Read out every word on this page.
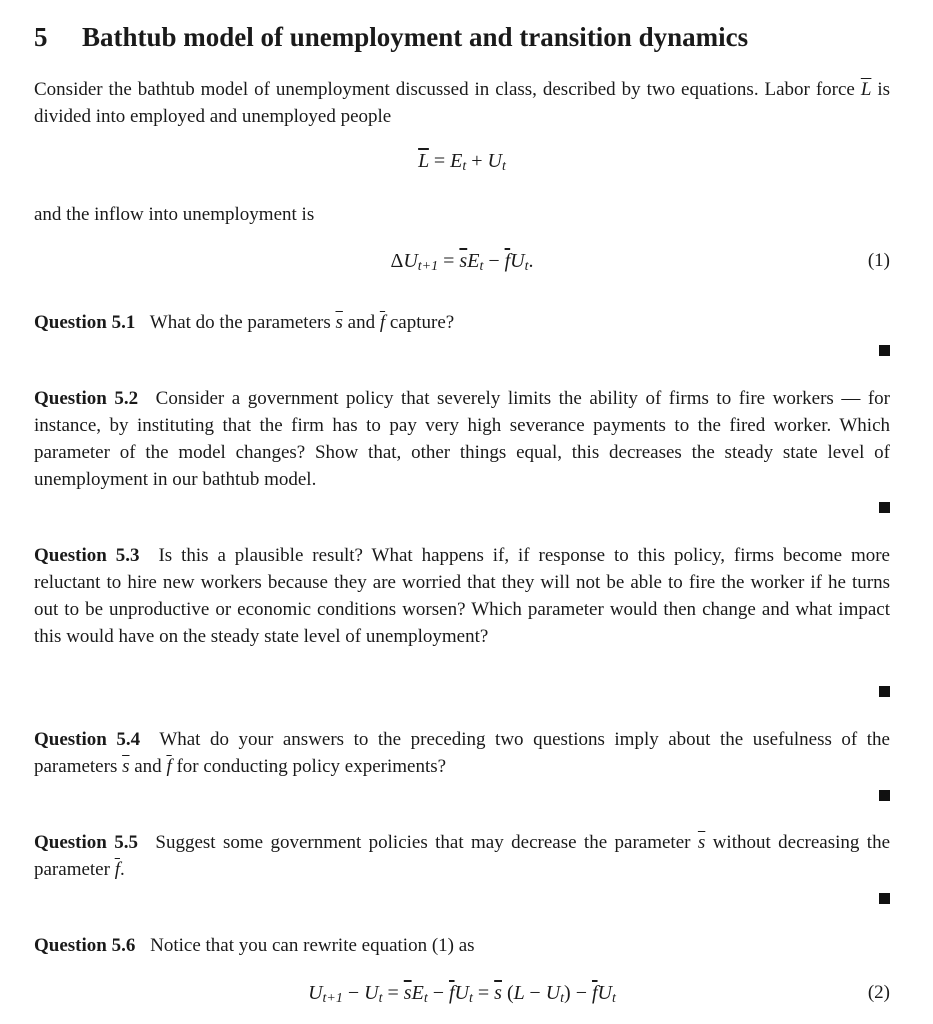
5 Bathtub model of unemployment and transition dynamics
Consider the bathtub model of unemployment discussed in class, described by two equations. Labor force $\overline{L}$ is divided into employed and unemployed people
$\overline{L} = E_t + U_t$
and the inflow into unemployment is
$\Delta U_{t+1} = \overline{s}E_t - \overline{f}U_t$.	(1)
Question 5.1 What do the parameters $\overline{s}$ and $\overline{f}$ capture?
Question 5.2 Consider a government policy that severely limits the ability of firms to fire workers — for instance, by instituting that the firm has to pay very high severance payments to the fired worker. Which parameter of the model changes? Show that, other things equal, this decreases the steady state level of unemployment in our bathtub model.
Question 5.3 Is this a plausible result? What happens if, if response to this policy, firms become more reluctant to hire new workers because they are worried that they will not be able to fire the worker if he turns out to be unproductive or economic conditions worsen? Which parameter would then change and what impact this would have on the steady state level of unemployment?
Question 5.4 What do your answers to the preceding two questions imply about the usefulness of the parameters $\overline{s}$ and $\overline{f}$ for conducting policy experiments?
Question 5.5 Suggest some government policies that may decrease the parameter $\overline{s}$ without decreasing the parameter $\overline{f}$.
Question 5.6 Notice that you can rewrite equation (1) as
$U_{t+1} - U_t = \overline{s}E_t - \overline{f}U_t = \overline{s}$ $(L - U_t) - \overline{f}U_t$	(2)
